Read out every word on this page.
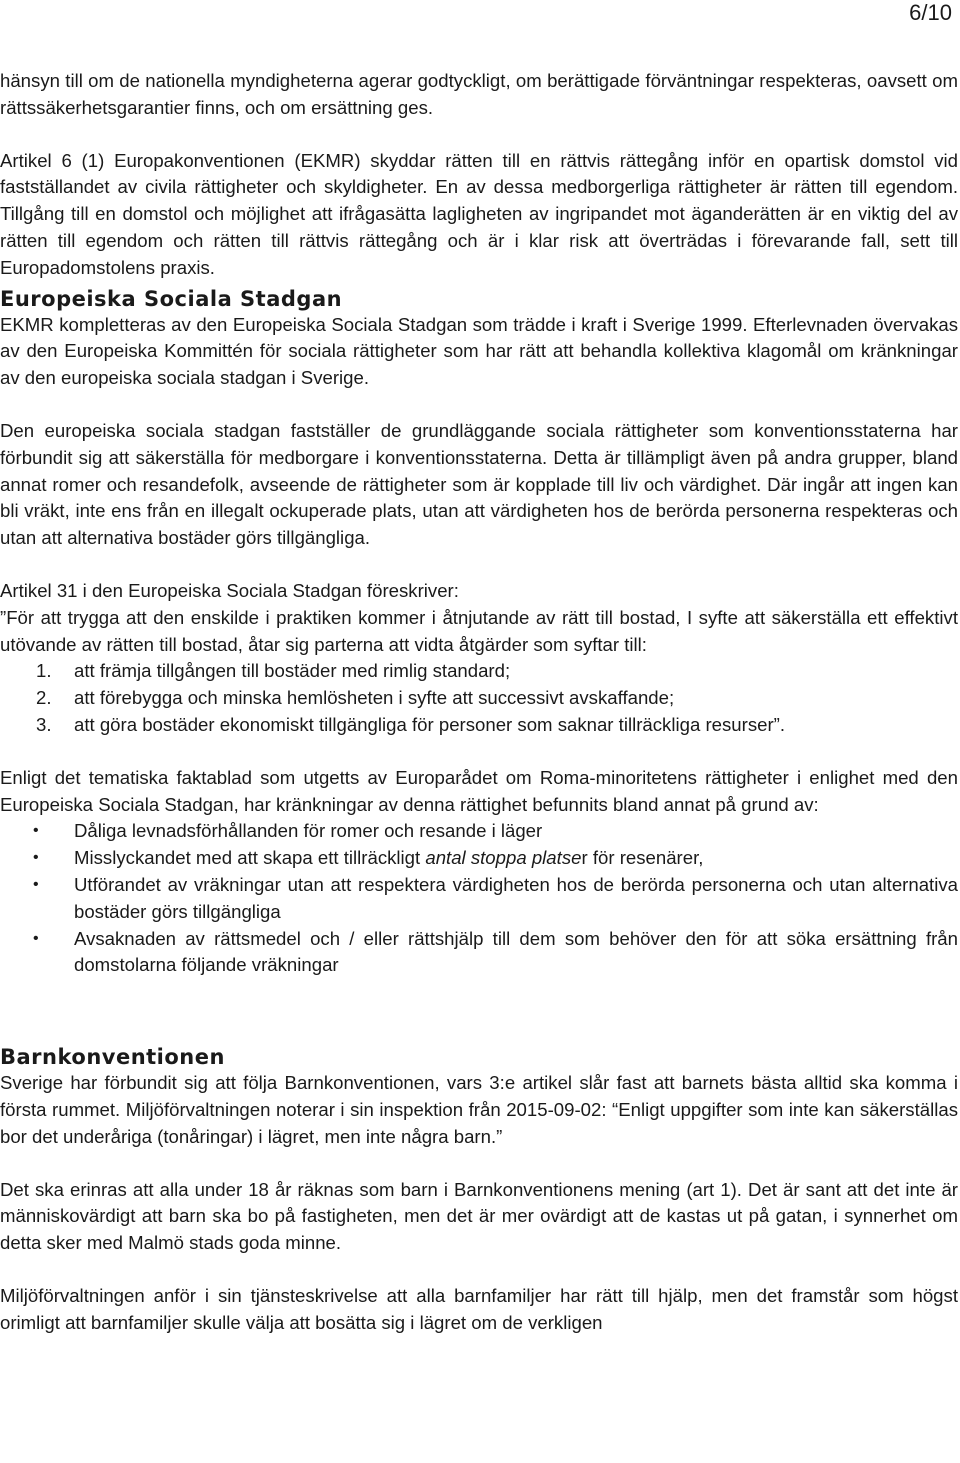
6/10

hänsyn till om de nationella myndigheterna agerar godtyckligt, om berättigade förväntningar respekteras, oavsett om rättssäkerhetsgarantier finns, och om ersättning ges.

Artikel 6 (1) Europakonventionen (EKMR) skyddar rätten till en rättvis rättegång inför en opartisk domstol vid fastställandet av civila rättigheter och skyldigheter. En av dessa medborgerliga rättigheter är rätten till egendom. Tillgång till en domstol och möjlighet att ifrågasätta lagligheten av ingripandet mot äganderätten är en viktig del av rätten till egendom och rätten till rättvis rättegång och är i klar risk att överträdas i förevarande fall, sett till Europadomstolens praxis.

Europeiska Sociala Stadgan

EKMR kompletteras av den Europeiska Sociala Stadgan som trädde i kraft i Sverige 1999. Efterlevnaden övervakas av den Europeiska Kommittén för sociala rättigheter som har rätt att behandla kollektiva klagomål om kränkningar av den europeiska sociala stadgan i Sverige.

Den europeiska sociala stadgan fastställer de grundläggande sociala rättigheter som konventionsstaterna har förbundit sig att säkerställa för medborgare i konventionsstaterna. Detta är tillämpligt även på andra grupper, bland annat romer och resandefolk, avseende de rättigheter som är kopplade till liv och värdighet. Där ingår att ingen kan bli vräkt, inte ens från en illegalt ockuperade plats, utan att värdigheten hos de berörda personerna respekteras och utan att alternativa bostäder görs tillgängliga.

Artikel 31 i den Europeiska Sociala Stadgan föreskriver:

”För att trygga att den enskilde i praktiken kommer i åtnjutande av rätt till bostad, I syfte att säkerställa ett effektivt utövande av rätten till bostad, åtar sig parterna att vidta åtgärder som syftar till:

1. att främja tillgången till bostäder med rimlig standard;
2. att förebygga och minska hemlösheten i syfte att successivt avskaffande;
3. att göra bostäder ekonomiskt tillgängliga för personer som saknar tillräckliga resurser”.

Enligt det tematiska faktablad som utgetts av Europarådet om Roma-minoritetens rättigheter i enlighet med den Europeiska Sociala Stadgan, har kränkningar av denna rättighet befunnits bland annat på grund av:

• Dåliga levnadsförhållanden för romer och resande i läger
• Misslyckandet med att skapa ett tillräckligt antal stoppa platser för resenärer,
• Utförandet av vräkningar utan att respektera värdigheten hos de berörda personerna och utan alternativa bostäder görs tillgängliga
• Avsaknaden av rättsmedel och / eller rättshjälp till dem som behöver den för att söka ersättning från domstolarna följande vräkningar
Barnkonventionen

Sverige har förbundit sig att följa Barnkonventionen, vars 3:e artikel slår fast att barnets bästa alltid ska komma i första rummet. Miljöförvaltningen noterar i sin inspektion från 2015-09-02: “Enligt uppgifter som inte kan säkerställas bor det underåriga (tonåringar) i lägret, men inte några barn.”

Det ska erinras att alla under 18 år räknas som barn i Barnkonventionens mening (art 1). Det är sant att det inte är människovärdigt att barn ska bo på fastigheten, men det är mer ovärdigt att de kastas ut på gatan, i synnerhet om detta sker med Malmö stads goda minne.

Miljöförvaltningen anför i sin tjänsteskrivelse att alla barnfamiljer har rätt till hjälp, men det framstår som högst orimligt att barnfamiljer skulle välja att bosätta sig i lägret om de verkligen
